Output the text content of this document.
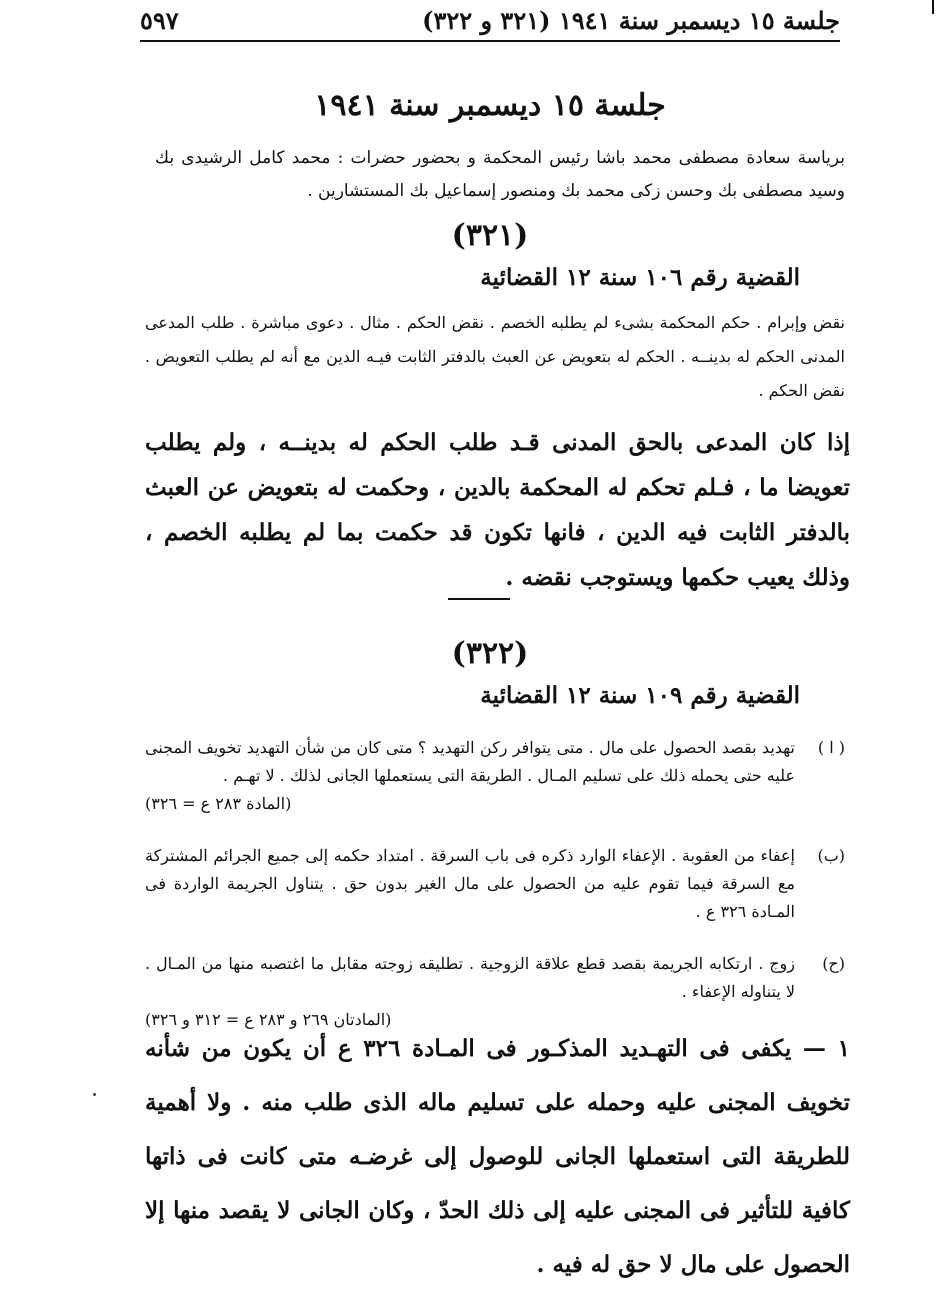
جلسة ١٥ ديسمبر سنة ١٩٤١ (٣٢١ و ٣٢٢)
٥٩٧
جلسة ١٥ ديسمبر سنة ١٩٤١
برياسة سعادة مصطفى محمد باشا رئيس المحكمة و بحضور حضرات : محمد كامل الرشيدى بك وسيد مصطفى بك وحسن زكى محمد بك ومنصور إسماعيل بك المستشارين .
(٣٢١)
القضية رقم ١٠٦ سنة ١٢ القضائية
نقض وإبرام . حكم المحكمة بشىء لم يطلبه الخصم . نقض الحكم . مثال . دعوى مباشرة . طلب المدعى المدنى الحكم له بدينــه . الحكم له بتعويض عن العبث بالدفتر الثابت فيـه الدين مع أنه لم يطلب التعويض . نقض الحكم .
إذا كان المدعى بالحق المدنى قـد طلب الحكم له بدينــه ، ولم يطلب تعويضا ما ، فـلم تحكم له المحكمة بالدين ، وحكمت له بتعويض عن العبث بالدفتر الثابت فيه الدين ، فانها تكون قد حكمت بما لم يطلبه الخصم ، وذلك يعيب حكمها ويستوجب نقضه .
(٣٢٢)
القضية رقم ١٠٩ سنة ١٢ القضائية
( ا )
تهديد بقصد الحصول على مال . متى يتوافر ركن التهديد ؟ متى كان من شأن التهديد تخويف المجنى عليه حتى يحمله ذلك على تسليم المـال . الطريقة التى يستعملها الجانى لذلك . لا تهـم .
(المادة ٢٨٣ ع = ٣٢٦)
(ب)
إعفاء من العقوبة . الإعفاء الوارد ذكره فى باب السرقة . امتداد حكمه إلى جميع الجرائم المشتركة مع السرقة فيما تقوم عليه من الحصول على مال الغير بدون حق . يتناول الجريمة الواردة فى المـادة ٣٢٦ ع .
(ح)
زوج . ارتكابه الجريمة بقصد قطع علاقة الزوجية . تطليقه زوجته مقابل ما اغتصبه منها من المـال . لا يتناوله الإعفاء .
(المادتان ٢٦٩ و ٢٨٣ ع = ٣١٢ و ٣٢٦)
١ — يكفى فى التهـديد المذكـور فى المـادة ٣٢٦ ع أن يكون من شأنه تخويف المجنى عليه وحمله على تسليم ماله الذى طلب منه . ولا أهمية للطريقة التى استعملها الجانى للوصول إلى غرضـه متى كانت فى ذاتها كافية للتأثير فى المجنى عليه إلى ذلك الحدّ ، وكان الجانى لا يقصد منها إلا الحصول على مال لا حق له فيه .
